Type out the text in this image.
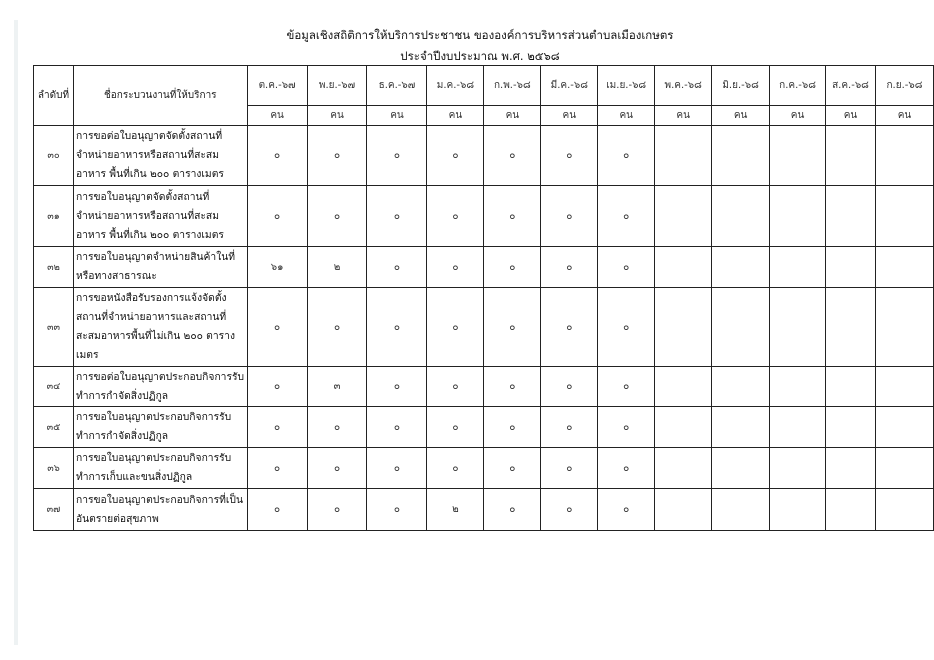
ข้อมูลเชิงสถิติการให้บริการประชาชน ขององค์การบริหารส่วนตำบลเมืองเกษตร
ประจำปีงบประมาณ พ.ศ. ๒๕๖๘
ลำดับที่	ชื่อกระบวนงานที่ให้บริการ	ต.ค.-๖๗	พ.ย.-๖๗	ธ.ค.-๖๗	ม.ค.-๖๘	ก.พ.-๖๘	มี.ค.-๖๘	เม.ย.-๖๘	พ.ค.-๖๘	มิ.ย.-๖๘	ก.ค.-๖๘	ส.ค.-๖๘	ก.ย.-๖๘
		คน	คน	คน	คน	คน	คน	คน	คน	คน	คน	คน	คน
๓๐	การขอต่อใบอนุญาตจัดตั้งสถานที่จำหน่ายอาหารหรือสถานที่สะสมอาหาร พื้นที่เกิน ๒๐๐ ตารางเมตร	๐	๐	๐	๐	๐	๐	๐					
๓๑	การขอใบอนุญาตจัดตั้งสถานที่จำหน่ายอาหารหรือสถานที่สะสมอาหาร พื้นที่เกิน ๒๐๐ ตารางเมตร	๐	๐	๐	๐	๐	๐	๐					
๓๒	การขอใบอนุญาตจำหน่ายสินค้าในที่หรือทางสาธารณะ	๖๑	๒	๐	๐	๐	๐	๐					
๓๓	การขอหนังสือรับรองการแจ้งจัดตั้งสถานที่จำหน่ายอาหารและสถานที่สะสมอาหารพื้นที่ไม่เกิน ๒๐๐ ตารางเมตร	๐	๐	๐	๐	๐	๐	๐					
๓๔	การขอต่อใบอนุญาตประกอบกิจการรับทำการกำจัดสิ่งปฏิกูล	๐	๓	๐	๐	๐	๐	๐					
๓๕	การขอใบอนุญาตประกอบกิจการรับทำการกำจัดสิ่งปฏิกูล	๐	๐	๐	๐	๐	๐	๐					
๓๖	การขอใบอนุญาตประกอบกิจการรับทำการเก็บและขนสิ่งปฏิกูล	๐	๐	๐	๐	๐	๐	๐					
๓๗	การขอใบอนุญาตประกอบกิจการที่เป็นอันตรายต่อสุขภาพ	๐	๐	๐	๒	๐	๐	๐					
